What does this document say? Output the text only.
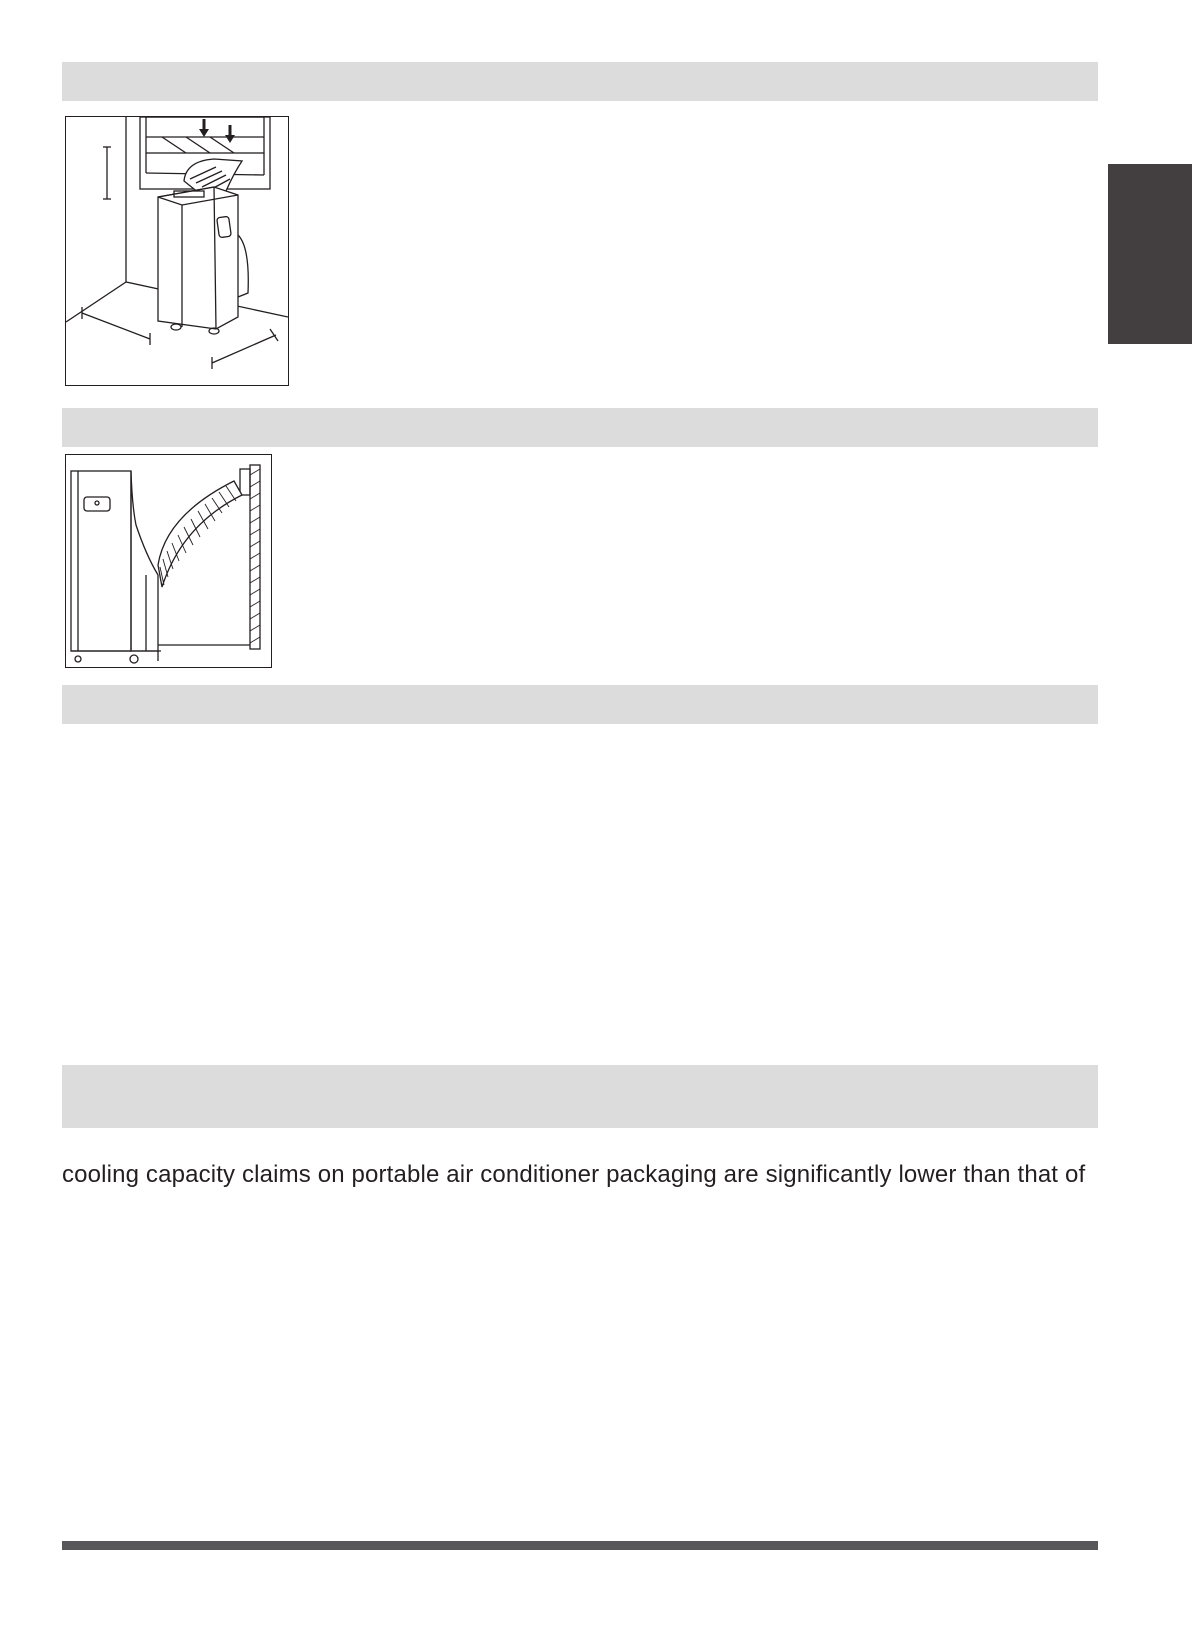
cooling capacity claims on portable air conditioner packaging are significantly lower than that of
